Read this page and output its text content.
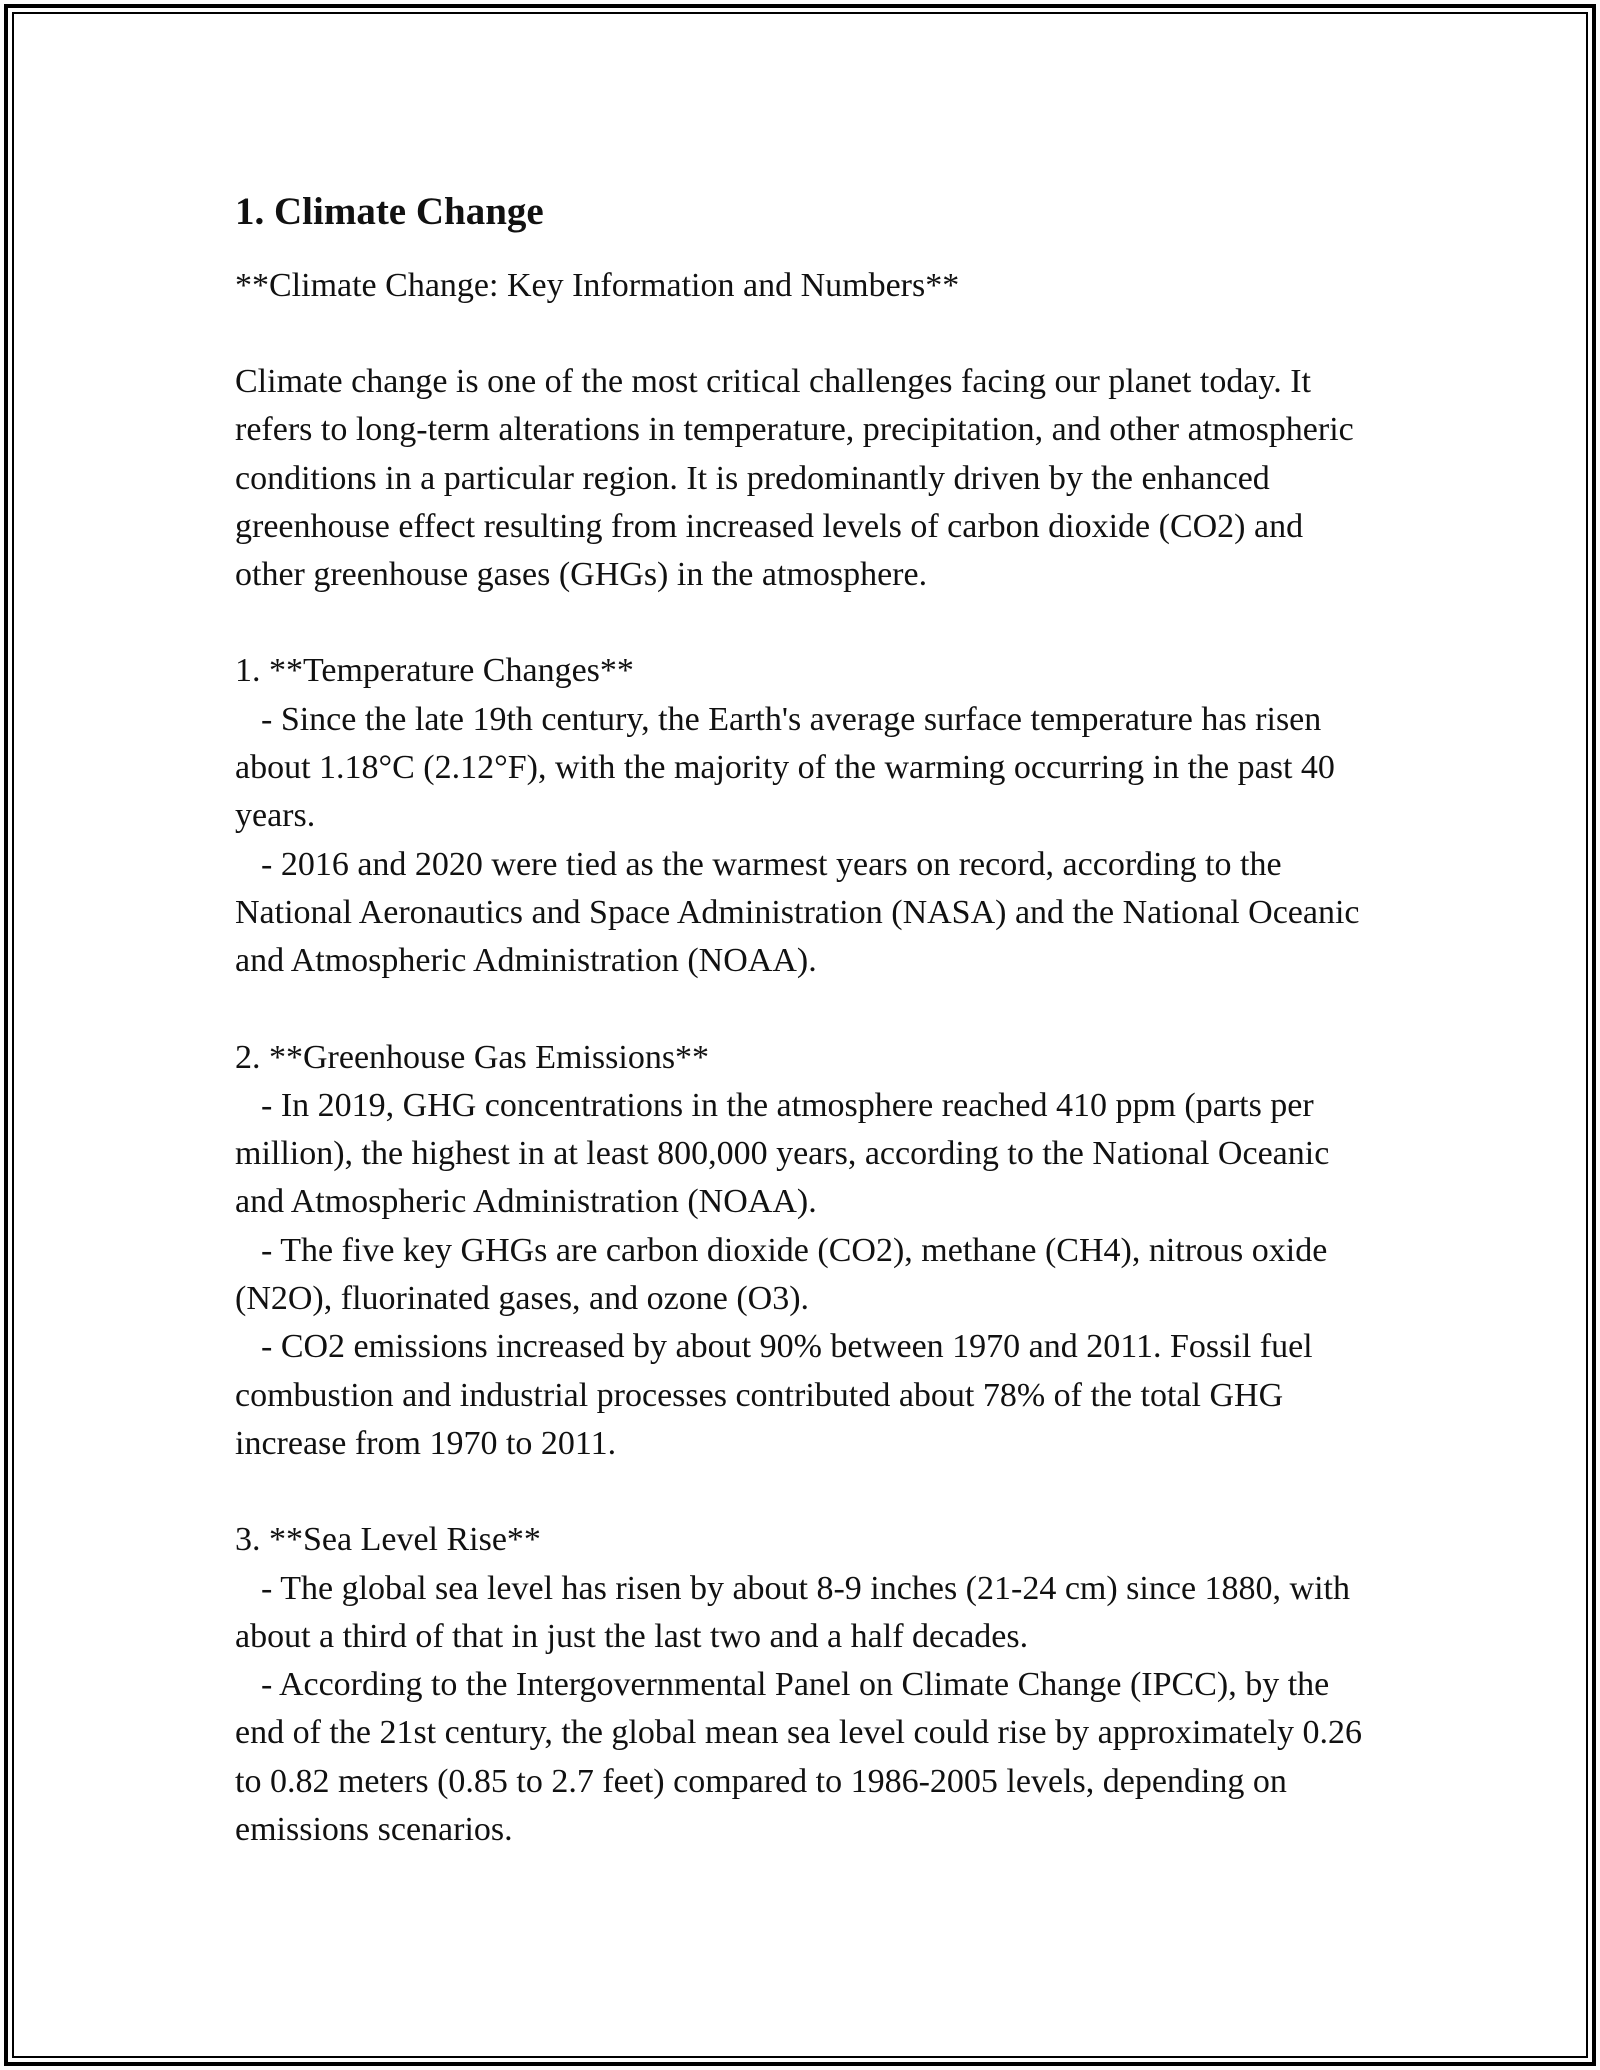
1. Climate Change

**Climate Change: Key Information and Numbers**

Climate change is one of the most critical challenges facing our planet today. It refers to long-term alterations in temperature, precipitation, and other atmospheric conditions in a particular region. It is predominantly driven by the enhanced greenhouse effect resulting from increased levels of carbon dioxide (CO2) and other greenhouse gases (GHGs) in the atmosphere.

1. **Temperature Changes**

- Since the late 19th century, the Earth's average surface temperature has risen about 1.18°C (2.12°F), with the majority of the warming occurring in the past 40 years.

- 2016 and 2020 were tied as the warmest years on record, according to the National Aeronautics and Space Administration (NASA) and the National Oceanic and Atmospheric Administration (NOAA).

2. **Greenhouse Gas Emissions**

- In 2019, GHG concentrations in the atmosphere reached 410 ppm (parts per million), the highest in at least 800,000 years, according to the National Oceanic and Atmospheric Administration (NOAA).

- The five key GHGs are carbon dioxide (CO2), methane (CH4), nitrous oxide (N2O), fluorinated gases, and ozone (O3).

- CO2 emissions increased by about 90% between 1970 and 2011. Fossil fuel combustion and industrial processes contributed about 78% of the total GHG increase from 1970 to 2011.

3. **Sea Level Rise**

- The global sea level has risen by about 8-9 inches (21-24 cm) since 1880, with about a third of that in just the last two and a half decades.

- According to the Intergovernmental Panel on Climate Change (IPCC), by the end of the 21st century, the global mean sea level could rise by approximately 0.26 to 0.82 meters (0.85 to 2.7 feet) compared to 1986-2005 levels, depending on emissions scenarios.
